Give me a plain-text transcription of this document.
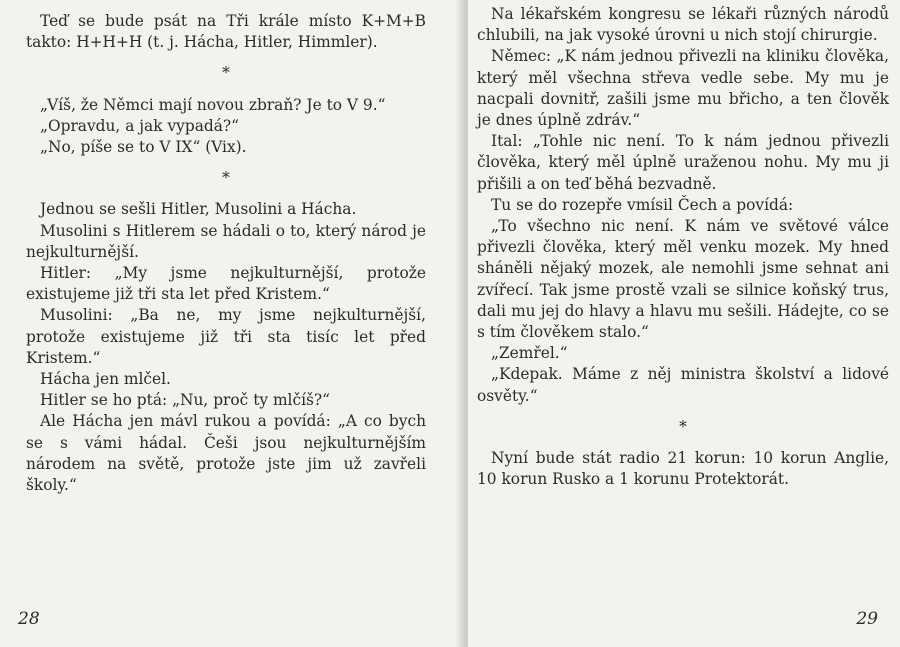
Teď se bude psát na Tři krále místo K+M+B takto: H+H+H (t. j. Hácha, Hitler, Himmler).

*

„Víš, že Němci mají novou zbraň? Je to V 9.“

„Opravdu, a jak vypadá?“

„No, píše se to V IX“ (Vix).

*

Jednou se sešli Hitler, Musolini a Hácha.

Musolini s Hitlerem se hádali o to, který národ je nejkulturnější.

Hitler: „My jsme nejkulturnější, protože existujeme již tři sta let před Kristem.“

Musolini: „Ba ne, my jsme nejkulturnější, protože existujeme již tři sta tisíc let před Kristem.“

Hácha jen mlčel.

Hitler se ho ptá: „Nu, proč ty mlčíš?“

Ale Hácha jen mávl rukou a povídá: „A co bych se s vámi hádal. Češi jsou nejkulturnějším národem na světě, protože jste jim už zavřeli školy.“

28

Na lékařském kongresu se lékaři různých národů chlubili, na jak vysoké úrovni u nich stojí chirurgie.

Němec: „K nám jednou přivezli na kliniku člověka, který měl všechna střeva vedle sebe. My mu je nacpali dovnitř, zašili jsme mu břicho, a ten člověk je dnes úplně zdráv.“

Ital: „Tohle nic není. To k nám jednou přivezli člověka, který měl úplně uraženou nohu. My mu ji přišili a on teď běhá bezvadně.

Tu se do rozepře vmísil Čech a povídá:

„To všechno nic není. K nám ve světové válce přivezli člověka, který měl venku mozek. My hned sháněli nějaký mozek, ale nemohli jsme sehnat ani zvířecí. Tak jsme prostě vzali se silnice koňský trus, dali mu jej do hlavy a hlavu mu sešili. Hádejte, co se s tím člověkem stalo.“

„Zemřel.“

„Kdepak. Máme z něj ministra školství a lidové osvěty.“

*

Nyní bude stát radio 21 korun: 10 korun Anglie, 10 korun Rusko a 1 korunu Protektorát.

29
